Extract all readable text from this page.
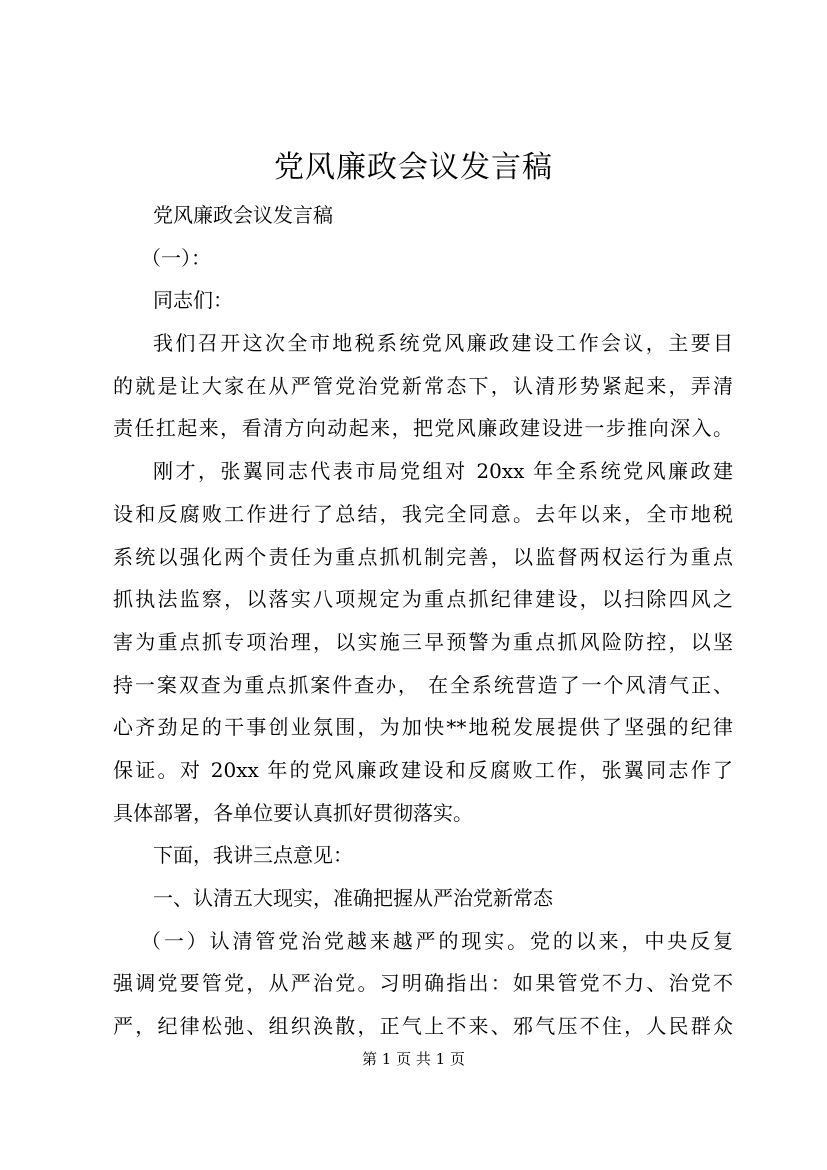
党风廉政会议发言稿
党风廉政会议发言稿
（一）：
同志们：
我们召开这次全市地税系统党风廉政建设工作会议，主要目
的就是让大家在从严管党治党新常态下，认清形势紧起来，弄清
责任扛起来，看清方向动起来，把党风廉政建设进一步推向深入。
刚才，张翼同志代表市局党组对 20xx 年全系统党风廉政建
设和反腐败工作进行了总结，我完全同意。去年以来，全市地税
系统以强化两个责任为重点抓机制完善，以监督两权运行为重点
抓执法监察，以落实八项规定为重点抓纪律建设，以扫除四风之
害为重点抓专项治理，以实施三早预警为重点抓风险防控，以坚
持一案双查为重点抓案件查办， 在全系统营造了一个风清气正、
心齐劲足的干事创业氛围，为加快**地税发展提供了坚强的纪律
保证。对 20xx 年的党风廉政建设和反腐败工作，张翼同志作了
具体部署，各单位要认真抓好贯彻落实。
下面，我讲三点意见：
一、认清五大现实，准确把握从严治党新常态
（一）认清管党治党越来越严的现实。党的以来，中央反复
强调党要管党，从严治党。习明确指出：如果管党不力、治党不
严，纪律松弛、组织涣散，正气上不来、邪气压不住，人民群众
第 1 页 共 1 页
